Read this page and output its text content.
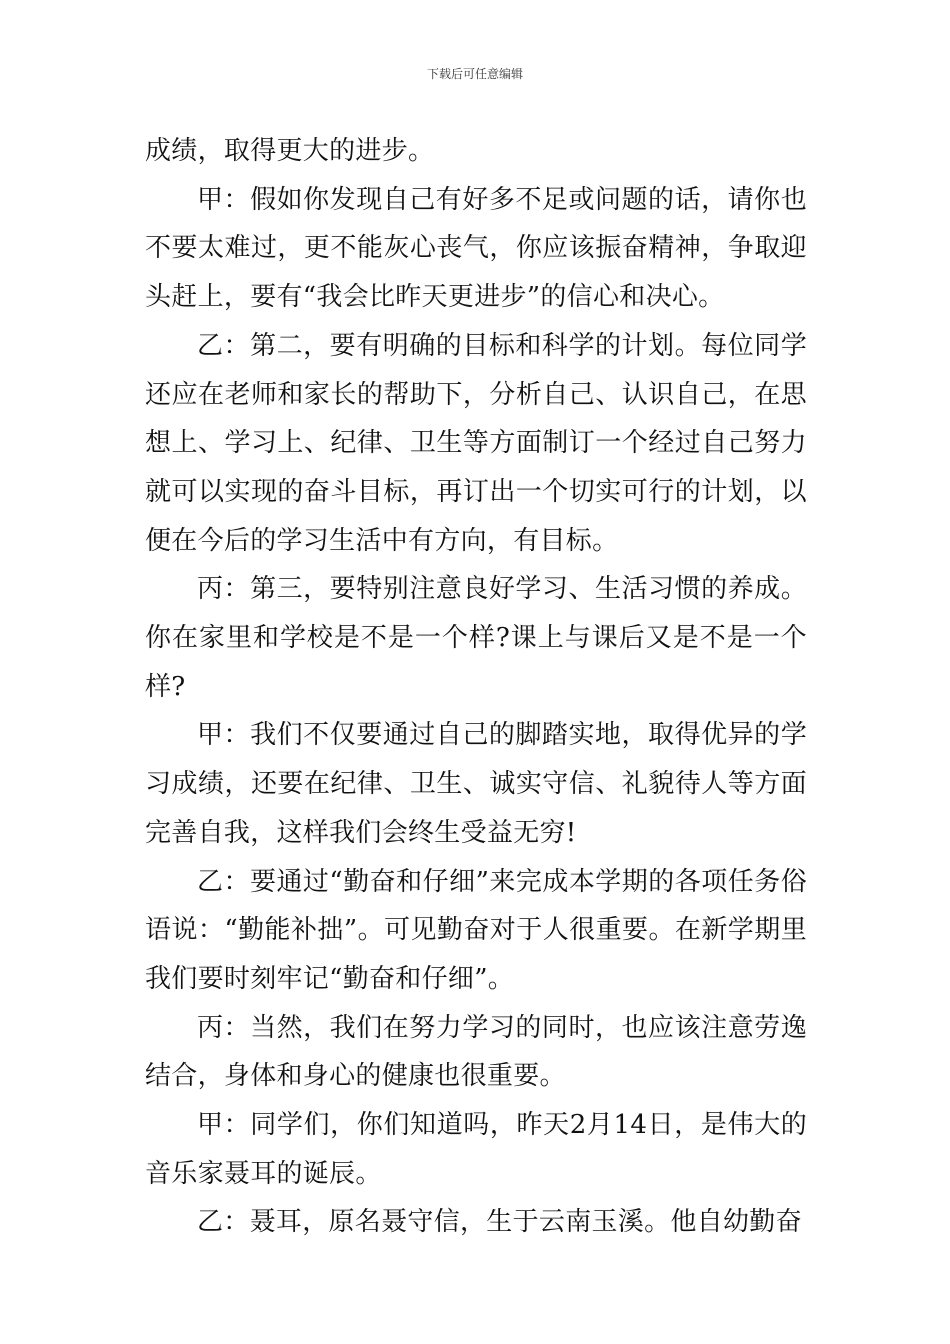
下载后可任意编辑

成绩，取得更大的进步。

甲：假如你发现自己有好多不足或问题的话，请你也不要太难过，更不能灰心丧气，你应该振奋精神，争取迎头赶上，要有“我会比昨天更进步”的信心和决心。

乙：第二，要有明确的目标和科学的计划。每位同学还应在老师和家长的帮助下，分析自己、认识自己，在思想上、学习上、纪律、卫生等方面制订一个经过自己努力就可以实现的奋斗目标，再订出一个切实可行的计划，以便在今后的学习生活中有方向，有目标。

丙：第三，要特别注意良好学习、生活习惯的养成。你在家里和学校是不是一个样?课上与课后又是不是一个样?

甲：我们不仅要通过自己的脚踏实地，取得优异的学习成绩，还要在纪律、卫生、诚实守信、礼貌待人等方面完善自我，这样我们会终生受益无穷!

乙：要通过“勤奋和仔细”来完成本学期的各项任务俗语说：“勤能补拙”。可见勤奋对于人很重要。在新学期里我们要时刻牢记“勤奋和仔细”。

丙：当然，我们在努力学习的同时，也应该注意劳逸结合，身体和身心的健康也很重要。

甲：同学们，你们知道吗，昨天2月14日，是伟大的音乐家聂耳的诞辰。

乙：聂耳，原名聂守信，生于云南玉溪。他自幼勤奋
